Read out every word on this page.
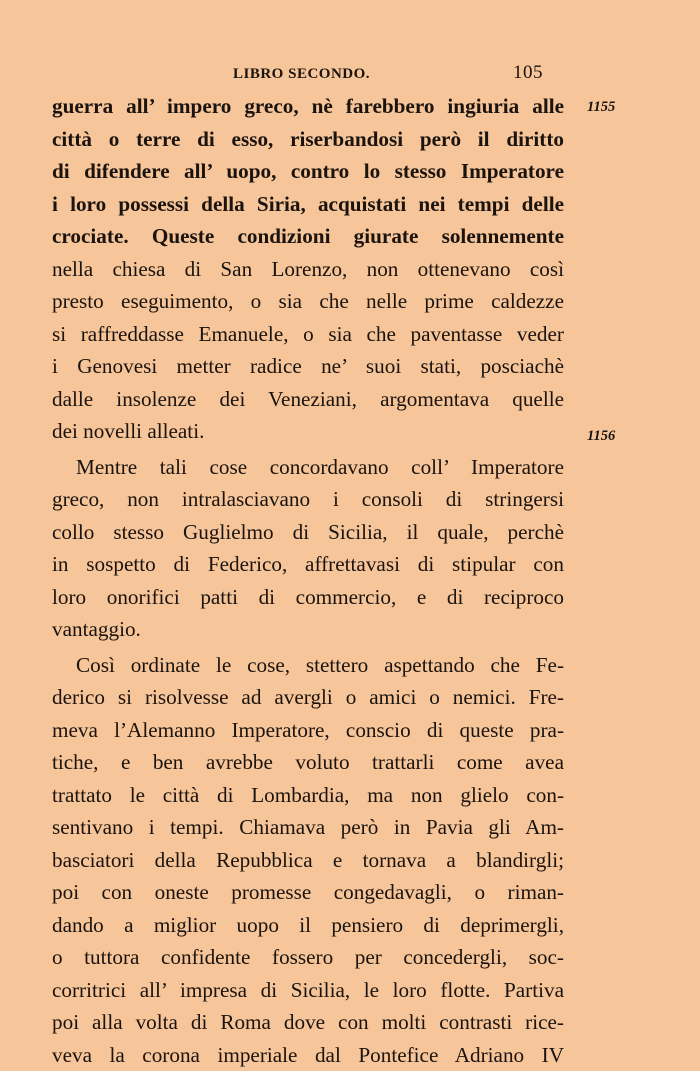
LIBRO SECONDO.	105
1155
1156
guerra all’ impero greco, nè farebbero ingiuria alle
città o terre di esso, riserbandosi però il diritto
di difendere all’ uopo, contro lo stesso Imperatore
i loro possessi della Siria, acquistati nei tempi delle
crociate. Queste condizioni giurate solennemente
nella chiesa di San Lorenzo, non ottenevano così
presto eseguimento, o sia che nelle prime caldezze
si raffreddasse Emanuele, o sia che paventasse veder
i Genovesi metter radice ne’ suoi stati, posciachè
dalle insolenze dei Veneziani, argomentava quelle
dei novelli alleati.
Mentre tali cose concordavano coll’ Imperatore
greco, non intralasciavano i consoli di stringersi
collo stesso Guglielmo di Sicilia, il quale, perchè
in sospetto di Federico, affrettavasi di stipular con
loro onorifici patti di commercio, e di reciproco
vantaggio.
Così ordinate le cose, stettero aspettando che Fe-
derico si risolvesse ad avergli o amici o nemici. Fre-
meva l’Alemanno Imperatore, conscio di queste pra-
tiche, e ben avrebbe voluto trattarli come avea
trattato le città di Lombardia, ma non glielo con-
sentivano i tempi. Chiamava però in Pavia gli Am-
basciatori della Repubblica e tornava a blandirgli;
poi con oneste promesse congedavagli, o riman-
dando a miglior uopo il pensiero di deprimergli,
o tuttora confidente fossero per concedergli, soc-
corritrici all’ impresa di Sicilia, le loro flotte. Partiva
poi alla volta di Roma dove con molti contrasti rice-
veva la corona imperiale dal Pontefice Adriano IV
